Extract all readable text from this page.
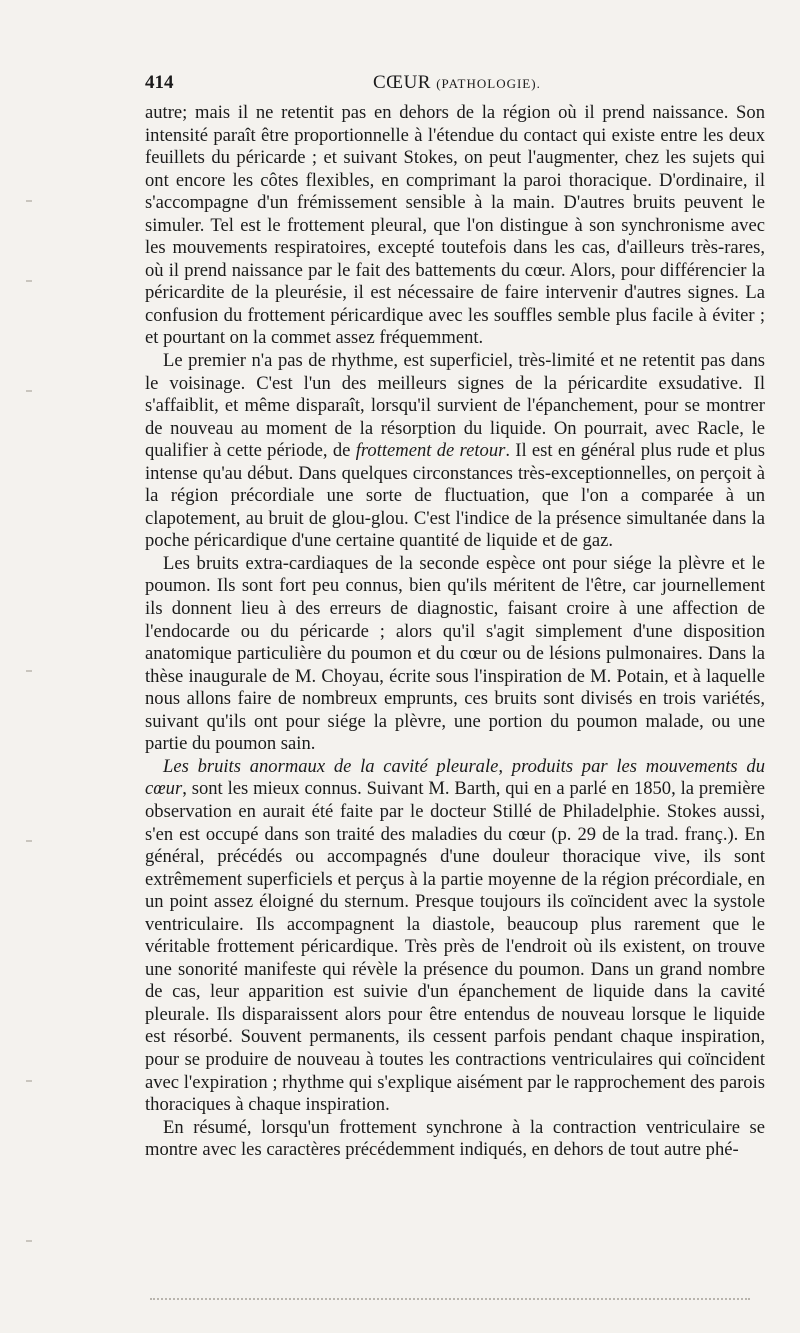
414	CŒUR (PATHOLOGIE).

autre; mais il ne retentit pas en dehors de la région où il prend naissance. Son intensité paraît être proportionnelle à l'étendue du contact qui existe entre les deux feuillets du péricarde ; et suivant Stokes, on peut l'augmenter, chez les sujets qui ont encore les côtes flexibles, en comprimant la paroi thoracique. D'ordinaire, il s'accompagne d'un frémissement sensible à la main. D'autres bruits peuvent le simuler. Tel est le frottement pleural, que l'on distingue à son synchronisme avec les mouvements respiratoires, excepté toutefois dans les cas, d'ailleurs très-rares, où il prend naissance par le fait des battements du cœur. Alors, pour différencier la péricardite de la pleurésie, il est nécessaire de faire intervenir d'autres signes. La confusion du frottement péricardique avec les souffles semble plus facile à éviter ; et pourtant on la commet assez fréquemment.

Le premier n'a pas de rhythme, est superficiel, très-limité et ne retentit pas dans le voisinage. C'est l'un des meilleurs signes de la péricardite exsudative. Il s'affaiblit, et même disparaît, lorsqu'il survient de l'épanchement, pour se montrer de nouveau au moment de la résorption du liquide. On pourrait, avec Racle, le qualifier à cette période, de frottement de retour. Il est en général plus rude et plus intense qu'au début. Dans quelques circonstances très-exceptionnelles, on perçoit à la région précordiale une sorte de fluctuation, que l'on a comparée à un clapotement, au bruit de glou-glou. C'est l'indice de la présence simultanée dans la poche péricardique d'une certaine quantité de liquide et de gaz.

Les bruits extra-cardiaques de la seconde espèce ont pour siége la plèvre et le poumon. Ils sont fort peu connus, bien qu'ils méritent de l'être, car journellement ils donnent lieu à des erreurs de diagnostic, faisant croire à une affection de l'endocarde ou du péricarde ; alors qu'il s'agit simplement d'une disposition anatomique particulière du poumon et du cœur ou de lésions pulmonaires. Dans la thèse inaugurale de M. Choyau, écrite sous l'inspiration de M. Potain, et à laquelle nous allons faire de nombreux emprunts, ces bruits sont divisés en trois variétés, suivant qu'ils ont pour siége la plèvre, une portion du poumon malade, ou une partie du poumon sain.

Les bruits anormaux de la cavité pleurale, produits par les mouvements du cœur, sont les mieux connus. Suivant M. Barth, qui en a parlé en 1850, la première observation en aurait été faite par le docteur Stillé de Philadelphie. Stokes aussi, s'en est occupé dans son traité des maladies du cœur (p. 29 de la trad. franç.). En général, précédés ou accompagnés d'une douleur thoracique vive, ils sont extrêmement superficiels et perçus à la partie moyenne de la région précordiale, en un point assez éloigné du sternum. Presque toujours ils coïncident avec la systole ventriculaire. Ils accompagnent la diastole, beaucoup plus rarement que le véritable frottement péricardique. Très près de l'endroit où ils existent, on trouve une sonorité manifeste qui révèle la présence du poumon. Dans un grand nombre de cas, leur apparition est suivie d'un épanchement de liquide dans la cavité pleurale. Ils disparaissent alors pour être entendus de nouveau lorsque le liquide est résorbé. Souvent permanents, ils cessent parfois pendant chaque inspiration, pour se produire de nouveau à toutes les contractions ventriculaires qui coïncident avec l'expiration ; rhythme qui s'explique aisément par le rapprochement des parois thoraciques à chaque inspiration.

En résumé, lorsqu'un frottement synchrone à la contraction ventriculaire se montre avec les caractères précédemment indiqués, en dehors de tout autre phé-
